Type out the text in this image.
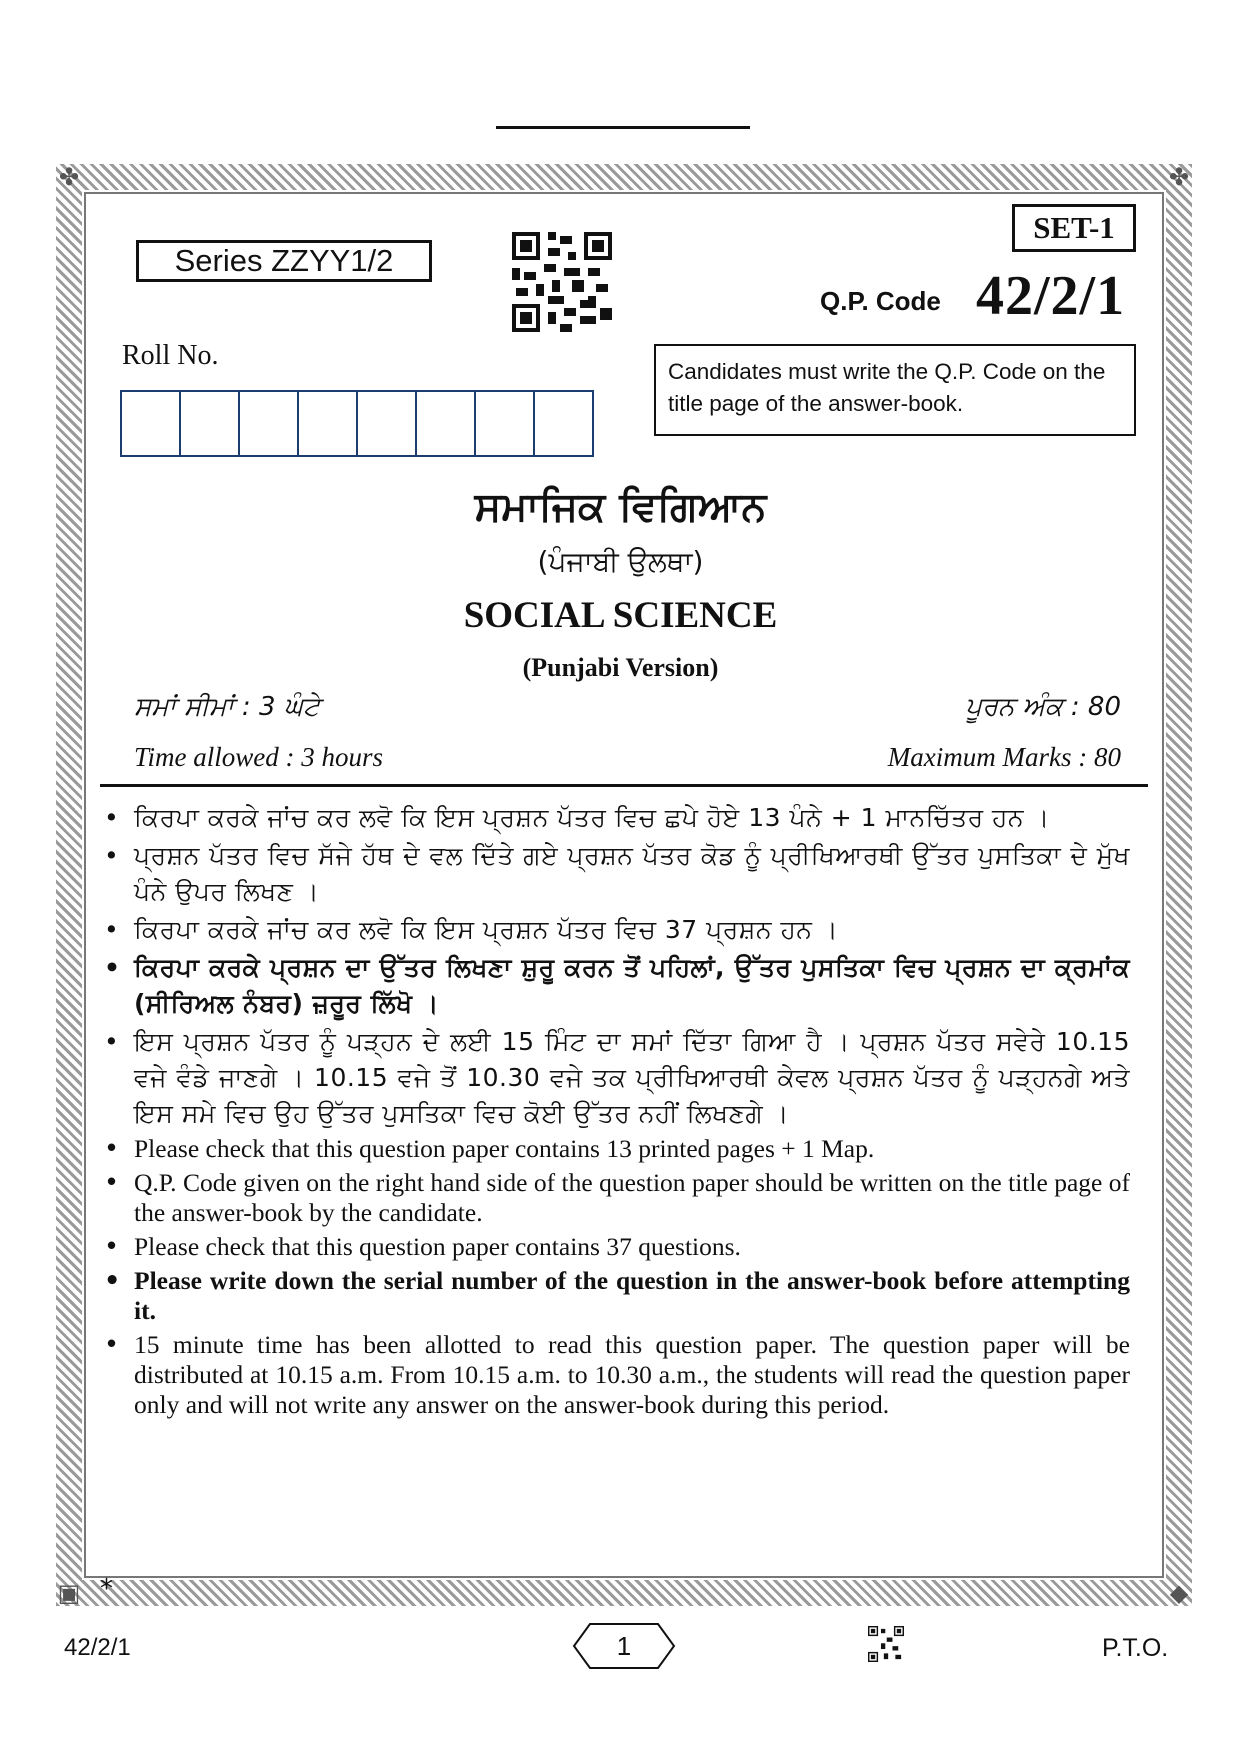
✤	✤
▣	◆
Series ZZYY1/2
SET-1
Q.P. Code 42/2/1
Roll No.
Candidates must write the Q.P. Code on the title page of the answer-book.
ਸਮਾਜਿਕ ਵਿਗਿਆਨ
(ਪੰਜਾਬੀ ਉਲਥਾ)
SOCIAL SCIENCE
(Punjabi Version)
ਸਮਾਂ ਸੀਮਾਂ : 3 ਘੰਟੇ	ਪੂਰਨ ਅੰਕ : 80
Time allowed : 3 hours	Maximum Marks : 80
• ਕਿਰਪਾ ਕਰਕੇ ਜਾਂਚ ਕਰ ਲਵੋ ਕਿ ਇਸ ਪ੍ਰਸ਼ਨ ਪੱਤਰ ਵਿਚ ਛਪੇ ਹੋਏ 13 ਪੰਨੇ + 1 ਮਾਨਚਿੱਤਰ ਹਨ ।
• ਪ੍ਰਸ਼ਨ ਪੱਤਰ ਵਿਚ ਸੱਜੇ ਹੱਥ ਦੇ ਵਲ ਦਿੱਤੇ ਗਏ ਪ੍ਰਸ਼ਨ ਪੱਤਰ ਕੋਡ ਨੂੰ ਪ੍ਰੀਖਿਆਰਥੀ ਉੱਤਰ ਪੁਸਤਿਕਾ ਦੇ ਮੁੱਖ ਪੰਨੇ ਉਪਰ ਲਿਖਣ ।
• ਕਿਰਪਾ ਕਰਕੇ ਜਾਂਚ ਕਰ ਲਵੋ ਕਿ ਇਸ ਪ੍ਰਸ਼ਨ ਪੱਤਰ ਵਿਚ 37 ਪ੍ਰਸ਼ਨ ਹਨ ।
• ਕਿਰਪਾ ਕਰਕੇ ਪ੍ਰਸ਼ਨ ਦਾ ਉੱਤਰ ਲਿਖਣਾ ਸ਼ੁਰੂ ਕਰਨ ਤੋਂ ਪਹਿਲਾਂ, ਉੱਤਰ ਪੁਸਤਿਕਾ ਵਿਚ ਪ੍ਰਸ਼ਨ ਦਾ ਕ੍ਰਮਾਂਕ (ਸੀਰਿਅਲ ਨੰਬਰ) ਜ਼ਰੂਰ ਲਿੱਖੋ ।
• ਇਸ ਪ੍ਰਸ਼ਨ ਪੱਤਰ ਨੂੰ ਪੜ੍ਹਨ ਦੇ ਲਈ 15 ਮਿੰਟ ਦਾ ਸਮਾਂ ਦਿੱਤਾ ਗਿਆ ਹੈ । ਪ੍ਰਸ਼ਨ ਪੱਤਰ ਸਵੇਰੇ 10.15 ਵਜੇ ਵੰਡੇ ਜਾਣਗੇ । 10.15 ਵਜੇ ਤੋਂ 10.30 ਵਜੇ ਤਕ ਪ੍ਰੀਖਿਆਰਥੀ ਕੇਵਲ ਪ੍ਰਸ਼ਨ ਪੱਤਰ ਨੂੰ ਪੜ੍ਹਨਗੇ ਅਤੇ ਇਸ ਸਮੇ ਵਿਚ ਉਹ ਉੱਤਰ ਪੁਸਤਿਕਾ ਵਿਚ ਕੋਈ ਉੱਤਰ ਨਹੀਂ ਲਿਖਣਗੇ ।
• Please check that this question paper contains 13 printed pages + 1 Map.
• Q.P. Code given on the right hand side of the question paper should be written on the title page of the answer-book by the candidate.
• Please check that this question paper contains 37 questions.
• Please write down the serial number of the question in the answer-book before attempting it.
• 15 minute time has been allotted to read this question paper. The question paper will be distributed at 10.15 a.m. From 10.15 a.m. to 10.30 a.m., the students will read the question paper only and will not write any answer on the answer-book during this period.
*
42/2/1	1	P.T.O.
